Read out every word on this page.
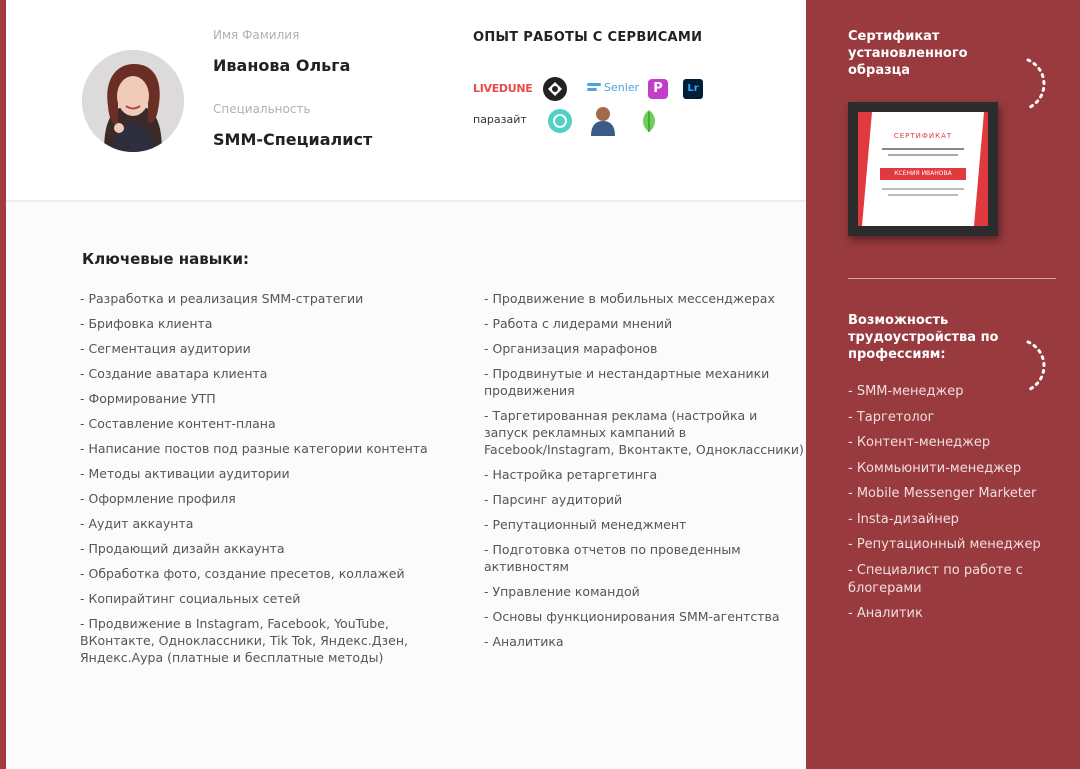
Имя Фамилия
Иванова Ольга
Специальность
SMM-Специалист
ОПЫТ РАБОТЫ С СЕРВИСАМИ
LIVEDUNE	Senler	P	Lr
паразайт
Ключевые навыки:
- Разработка и реализация SMM-стратегии
- Брифовка клиента
- Сегментация аудитории
- Создание аватара клиента
- Формирование УТП
- Составление контент-плана
- Написание постов под разные категории контента
- Методы активации аудитории
- Оформление профиля
- Аудит аккаунта
- Продающий дизайн аккаунта
- Обработка фото, создание пресетов, коллажей
- Копирайтинг социальных сетей
- Продвижение в Instagram, Facebook, YouTube, ВКонтакте, Одноклассники, Tik Tok, Яндекс.Дзен, Яндекс.Аура (платные и бесплатные методы)
- Продвижение в мобильных мессенджерах
- Работа с лидерами мнений
- Организация марафонов
- Продвинутые и нестандартные механики продвижения
- Таргетированная реклама (настройка и запуск рекламных кампаний в Facebook/Instagram, Вконтакте, Одноклассники)
- Настройка ретаргетинга
- Парсинг аудиторий
- Репутационный менеджмент
- Подготовка отчетов по проведенным активностям
- Управление командой
- Основы функционирования SMM-агентства
- Аналитика
Сертификат установленного образца
СЕРТИФИКАТ
КСЕНИЯ ИВАНОВА
Возможность трудоустройства по профессиям:
- SMM-менеджер
- Таргетолог
- Контент-менеджер
- Коммьюнити-менеджер
- Mobile Messenger Marketer
- Insta-дизайнер
- Репутационный менеджер
- Специалист по работе с блогерами
- Аналитик
